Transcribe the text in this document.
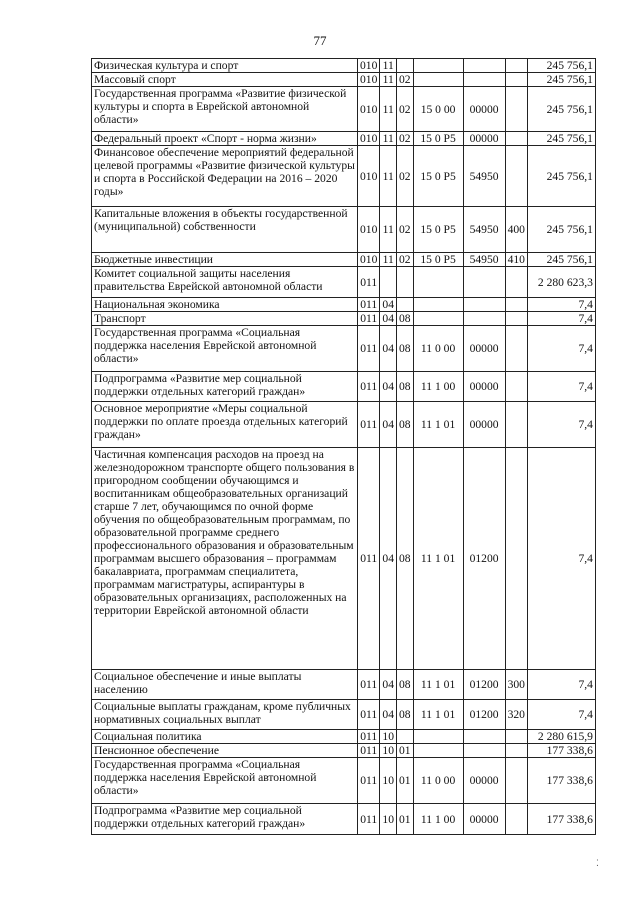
77
Физическая культура и спорт	010	11					245 756,1
Массовый спорт	010	11	02				245 756,1
Государственная программа «Развитие физической культуры и спорта в Еврейской автономной области»	010	11	02	15 0 00	00000		245 756,1
Федеральный проект «Спорт - норма жизни»	010	11	02	15 0 Р5	00000		245 756,1
Финансовое обеспечение мероприятий федеральной целевой программы «Развитие физической культуры и спорта в Российской Федерации на 2016 – 2020 годы»	010	11	02	15 0 Р5	54950		245 756,1
Капитальные вложения в объекты государственной (муниципальной) собственности	010	11	02	15 0 Р5	54950	400	245 756,1
Бюджетные инвестиции	010	11	02	15 0 Р5	54950	410	245 756,1
Комитет социальной защиты населения правительства Еврейской автономной области	011						2 280 623,3
Национальная экономика	011	04					7,4
Транспорт	011	04	08				7,4
Государственная программа «Социальная поддержка населения Еврейской автономной области»	011	04	08	11 0 00	00000		7,4
Подпрограмма «Развитие мер социальной поддержки отдельных категорий граждан»	011	04	08	11 1 00	00000		7,4
Основное мероприятие «Меры социальной поддержки по оплате проезда отдельных категорий граждан»	011	04	08	11 1 01	00000		7,4
Частичная компенсация расходов на проезд на железнодорожном транспорте общего пользования в пригородном сообщении обучающимся и воспитанникам общеобразовательных организаций старше 7 лет, обучающимся по очной форме обучения по общеобразовательным программам, по образовательной программе среднего профессионального образования и образовательным программам высшего образования – программам бакалавриата, программам специалитета, программам магистратуры, аспирантуры в образовательных организациях, расположенных на территории Еврейской автономной области	011	04	08	11 1 01	01200		7,4
Социальное обеспечение и иные выплаты населению	011	04	08	11 1 01	01200	300	7,4
Социальные выплаты гражданам, кроме публичных нормативных социальных выплат	011	04	08	11 1 01	01200	320	7,4
Социальная политика	011	10					2 280 615,9
Пенсионное обеспечение	011	10	01				177 338,6
Государственная программа «Социальная поддержка населения Еврейской автономной области»	011	10	01	11 0 00	00000		177 338,6
Подпрограмма «Развитие мер социальной поддержки отдельных категорий граждан»	011	10	01	11 1 00	00000		177 338,6
⁚
